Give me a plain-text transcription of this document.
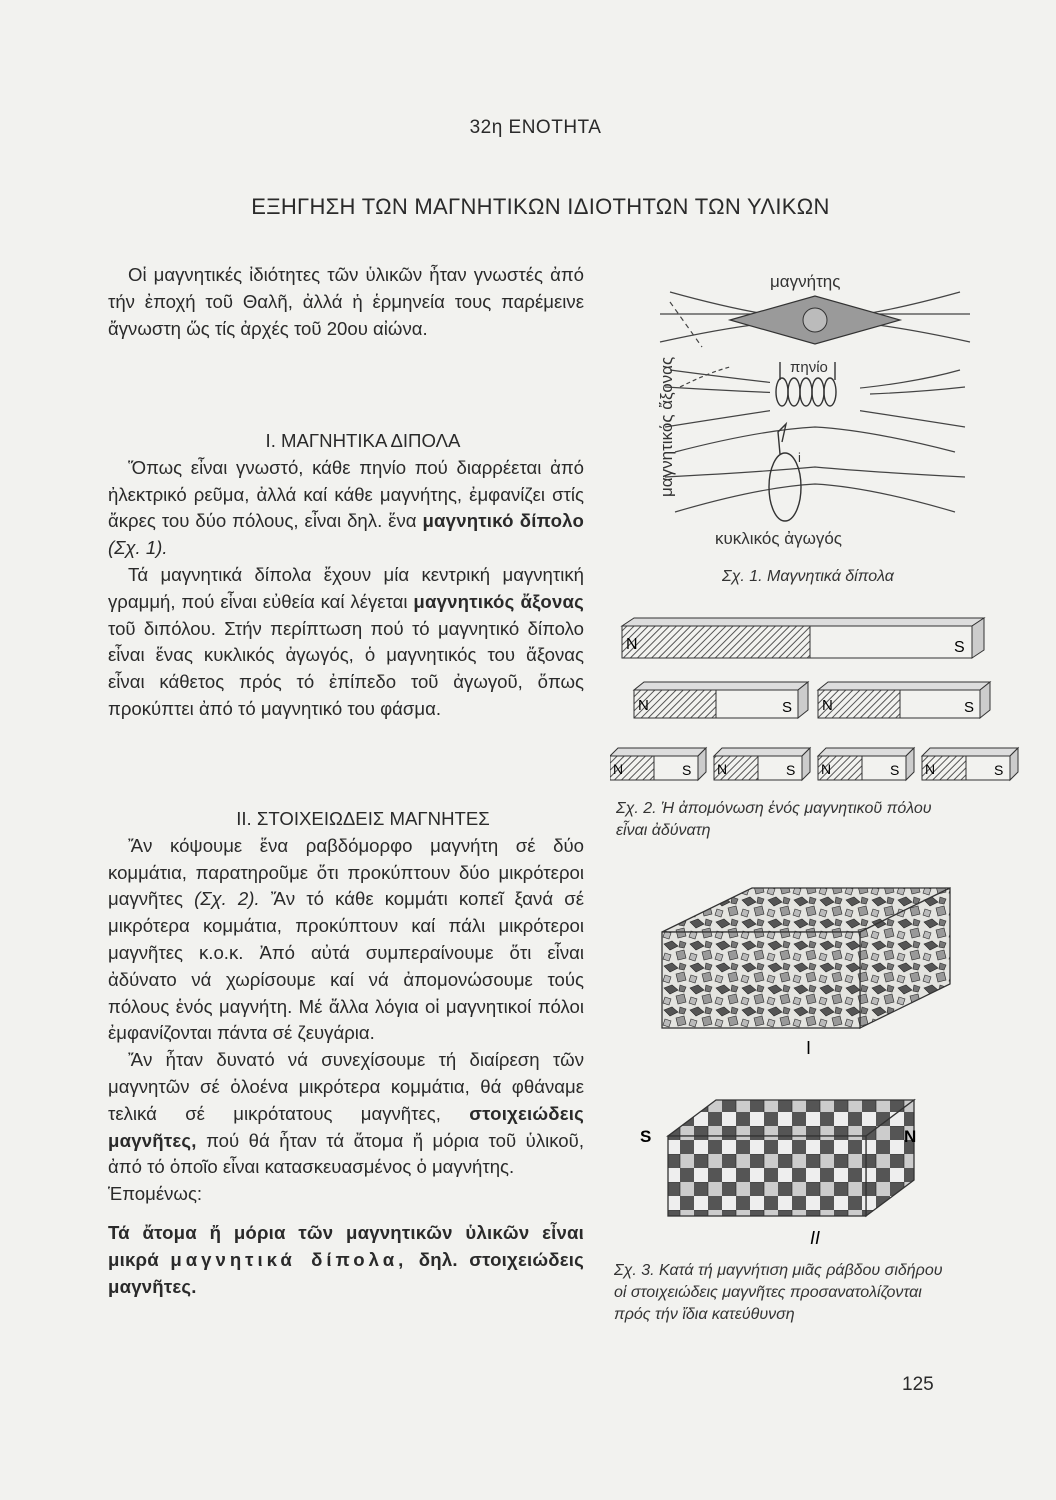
32η ΕΝΟΤΗΤΑ
ΕΞΗΓΗΣΗ ΤΩΝ ΜΑΓΝΗΤΙΚΩΝ ΙΔΙΟΤΗΤΩΝ ΤΩΝ ΥΛΙΚΩΝ

Οἱ μαγνητικές ἰδιότητες τῶν ὑλικῶν ἦταν γνωστές ἀπό τήν ἐποχή τοῦ Θαλῆ, ἀλλά ἡ ἑρμηνεία τους παρέμεινε ἄγνωστη ὥς τίς ἀρχές τοῦ 20ου αἰώνα.

Ι. ΜΑΓΝΗΤΙΚΑ ΔΙΠΟΛΑ

Ὅπως εἶναι γνωστό, κάθε πηνίο πού διαρρέεται ἀπό ἠλεκτρικό ρεῦμα, ἀλλά καί κάθε μαγνήτης, ἐμφανίζει στίς ἄκρες του δύο πόλους, εἶναι δηλ. ἕνα μαγνητικό δίπολο (Σχ. 1).

Τά μαγνητικά δίπολα ἔχουν μία κεντρική μαγνητική γραμμή, πού εἶναι εὐθεία καί λέγεται μαγνητικός ἄξονας τοῦ διπόλου. Στήν περίπτωση πού τό μαγνητικό δίπολο εἶναι ἕνας κυκλικός ἀγωγός, ὁ μαγνητικός του ἄξονας εἶναι κάθετος πρός τό ἐπίπεδο τοῦ ἀγωγοῦ, ὅπως προκύπτει ἀπό τό μαγνητικό του φάσμα.

ΙΙ. ΣΤΟΙΧΕΙΩΔΕΙΣ ΜΑΓΝΗΤΕΣ

Ἄν κόψουμε ἕνα ραβδόμορφο μαγνήτη σέ δύο κομμάτια, παρατηροῦμε ὅτι προκύπτουν δύο μικρότεροι μαγνῆτες (Σχ. 2). Ἄν τό κάθε κομμάτι κοπεῖ ξανά σέ μικρότερα κομμάτια, προκύπτουν καί πάλι μικρότεροι μαγνῆτες κ.ο.κ. Ἀπό αὐτά συμπεραίνουμε ὅτι εἶναι ἀδύνατο νά χωρίσουμε καί νά ἀπομονώσουμε τούς πόλους ἑνός μαγνήτη. Μέ ἄλλα λόγια οἱ μαγνητικοί πόλοι ἐμφανίζονται πάντα σέ ζευγάρια.

Ἄν ἦταν δυνατό νά συνεχίσουμε τή διαίρεση τῶν μαγνητῶν σέ ὁλοένα μικρότερα κομμάτια, θά φθάναμε τελικά σέ μικρότατους μαγνῆτες, στοιχειώδεις μαγνῆτες, πού θά ἦταν τά ἄτομα ἤ μόρια τοῦ ὑλικοῦ, ἀπό τό ὁποῖο εἶναι κατασκευασμένος ὁ μαγνήτης.

Ἑπομένως:

Τά ἄτομα ἤ μόρια τῶν μαγνητικῶν ὑλικῶν εἶναι μικρά μαγνητικά δίπολα, δηλ. στοιχειώδεις μαγνῆτες.

μαγνήτης
πηνίο
i
μαγνητικός ἄξονας
κυκλικός ἀγωγός
Σχ. 1. Μαγνητικά δίπολα
N	S
N	S N	S
N	S N	S N	S N	S
Σχ. 2. Ἡ ἀπομόνωση ἑνός μαγνητικοῦ πόλου εἶναι ἀδύνατη
I
S	N
II
Σχ. 3. Κατά τή μαγνήτιση μιᾶς ράβδου σιδήρου οἱ στοιχειώδεις μαγνῆτες προσανατολίζονται πρός τήν ἴδια κατεύθυνση
125
